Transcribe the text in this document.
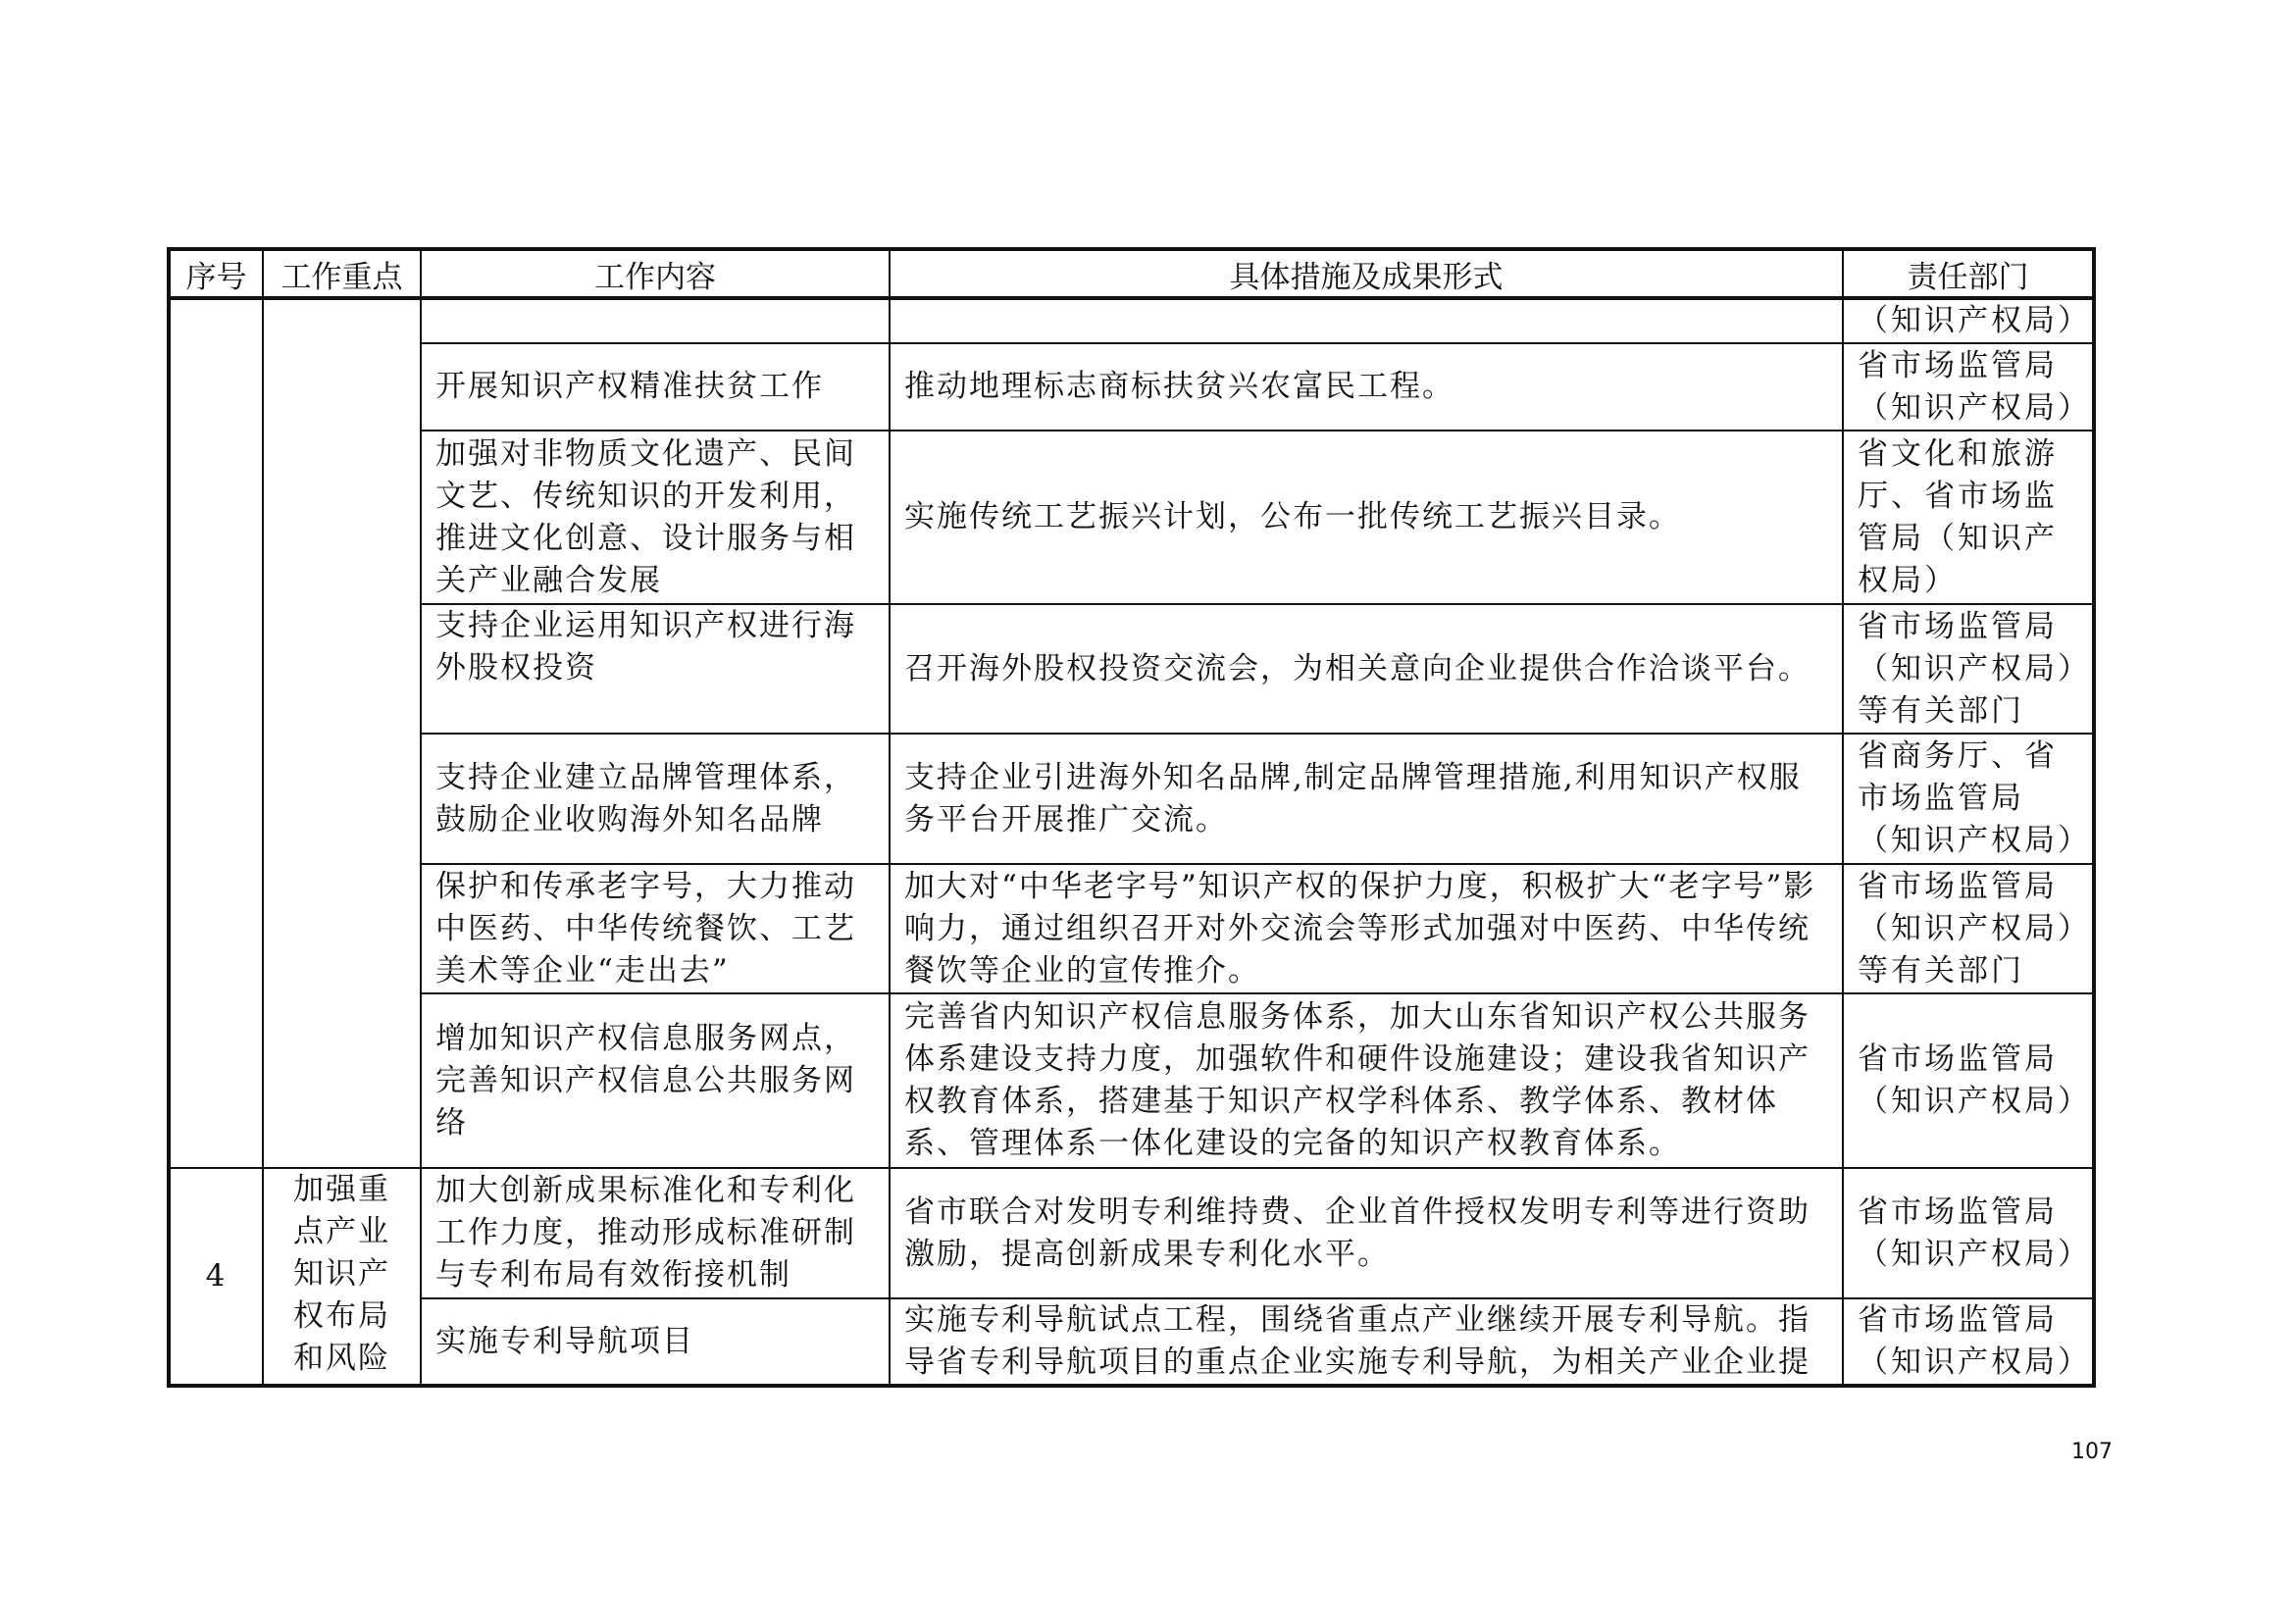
序号	工作重点	工作内容	具体措施及成果形式	责任部门
				（知识产权局）
		开展知识产权精准扶贫工作	推动地理标志商标扶贫兴农富民工程。	省市场监管局（知识产权局）
		加强对非物质文化遗产、民间文艺、传统知识的开发利用，推进文化创意、设计服务与相关产业融合发展	实施传统工艺振兴计划，公布一批传统工艺振兴目录。	省文化和旅游厅、省市场监管局（知识产权局）
		支持企业运用知识产权进行海外股权投资	召开海外股权投资交流会，为相关意向企业提供合作洽谈平台。	省市场监管局（知识产权局）等有关部门
		支持企业建立品牌管理体系，鼓励企业收购海外知名品牌	支持企业引进海外知名品牌,制定品牌管理措施,利用知识产权服务平台开展推广交流。	省商务厅、省市场监管局（知识产权局）
		保护和传承老字号，大力推动中医药、中华传统餐饮、工艺美术等企业“走出去”	加大对“中华老字号”知识产权的保护力度，积极扩大“老字号”影响力，通过组织召开对外交流会等形式加强对中医药、中华传统餐饮等企业的宣传推介。	省市场监管局（知识产权局）等有关部门
		增加知识产权信息服务网点，完善知识产权信息公共服务网络	完善省内知识产权信息服务体系，加大山东省知识产权公共服务体系建设支持力度，加强软件和硬件设施建设；建设我省知识产权教育体系，搭建基于知识产权学科体系、教学体系、教材体系、管理体系一体化建设的完备的知识产权教育体系。	省市场监管局（知识产权局）
4	加强重点产业知识产权布局和风险	加大创新成果标准化和专利化工作力度，推动形成标准研制与专利布局有效衔接机制	省市联合对发明专利维持费、企业首件授权发明专利等进行资助激励，提高创新成果专利化水平。	省市场监管局（知识产权局）
		实施专利导航项目	实施专利导航试点工程，围绕省重点产业继续开展专利导航。指导省专利导航项目的重点企业实施专利导航，为相关产业企业提	省市场监管局（知识产权局）
107
